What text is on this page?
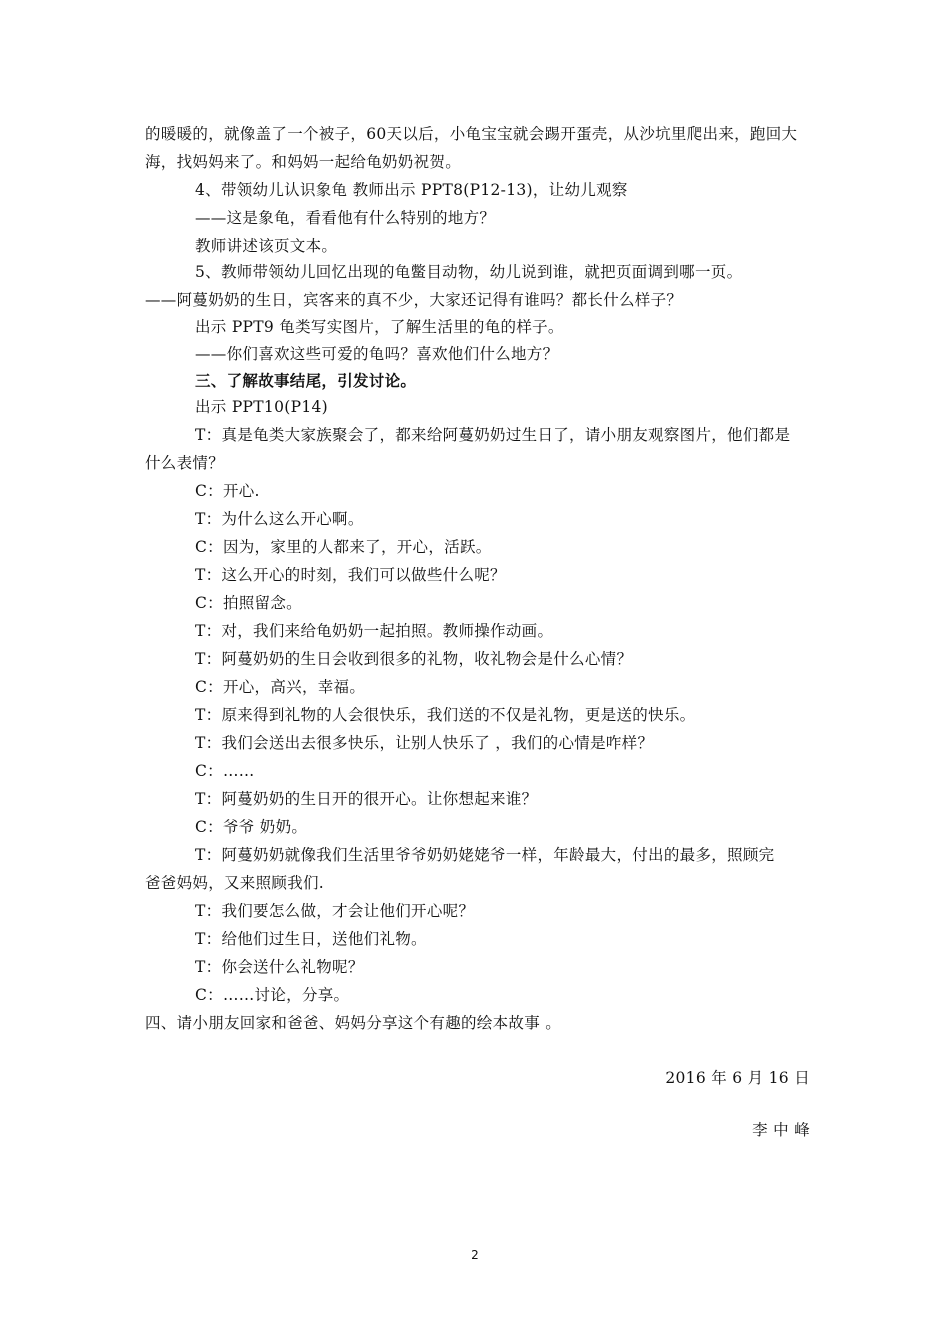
的暖暖的，就像盖了一个被子，60天以后，小龟宝宝就会踢开蛋壳，从沙坑里爬出来，跑回大
海，找妈妈来了。和妈妈一起给龟奶奶祝贺。
4、带领幼儿认识象龟 教师出示 PPT8(P12-13)，让幼儿观察
——这是象龟，看看他有什么特别的地方？
教师讲述该页文本。
5、教师带领幼儿回忆出现的龟鳖目动物，幼儿说到谁，就把页面调到哪一页。
——阿蔓奶奶的生日，宾客来的真不少，大家还记得有谁吗？都长什么样子？
出示 PPT9 龟类写实图片，了解生活里的龟的样子。
——你们喜欢这些可爱的龟吗？喜欢他们什么地方？
三、了解故事结尾，引发讨论。
出示 PPT10(P14)
T：真是龟类大家族聚会了，都来给阿蔓奶奶过生日了，请小朋友观察图片，他们都是
什么表情？
C：开心.
T：为什么这么开心啊。
C：因为，家里的人都来了，开心，活跃。
T：这么开心的时刻，我们可以做些什么呢？
C：拍照留念。
T：对，我们来给龟奶奶一起拍照。教师操作动画。
T：阿蔓奶奶的生日会收到很多的礼物，收礼物会是什么心情？
C：开心，高兴，幸福。
T：原来得到礼物的人会很快乐，我们送的不仅是礼物，更是送的快乐。
T：我们会送出去很多快乐，让别人快乐了 ，我们的心情是咋样？
C：……
T：阿蔓奶奶的生日开的很开心。让你想起来谁？
C：爷爷 奶奶。
T：阿蔓奶奶就像我们生活里爷爷奶奶姥姥爷一样，年龄最大，付出的最多，照顾完
爸爸妈妈，又来照顾我们.
T：我们要怎么做，才会让他们开心呢？
T：给他们过生日，送他们礼物。
T：你会送什么礼物呢？
C：……讨论，分享。
四、请小朋友回家和爸爸、妈妈分享这个有趣的绘本故事 。
2016 年 6 月 16 日
李 中 峰
2
